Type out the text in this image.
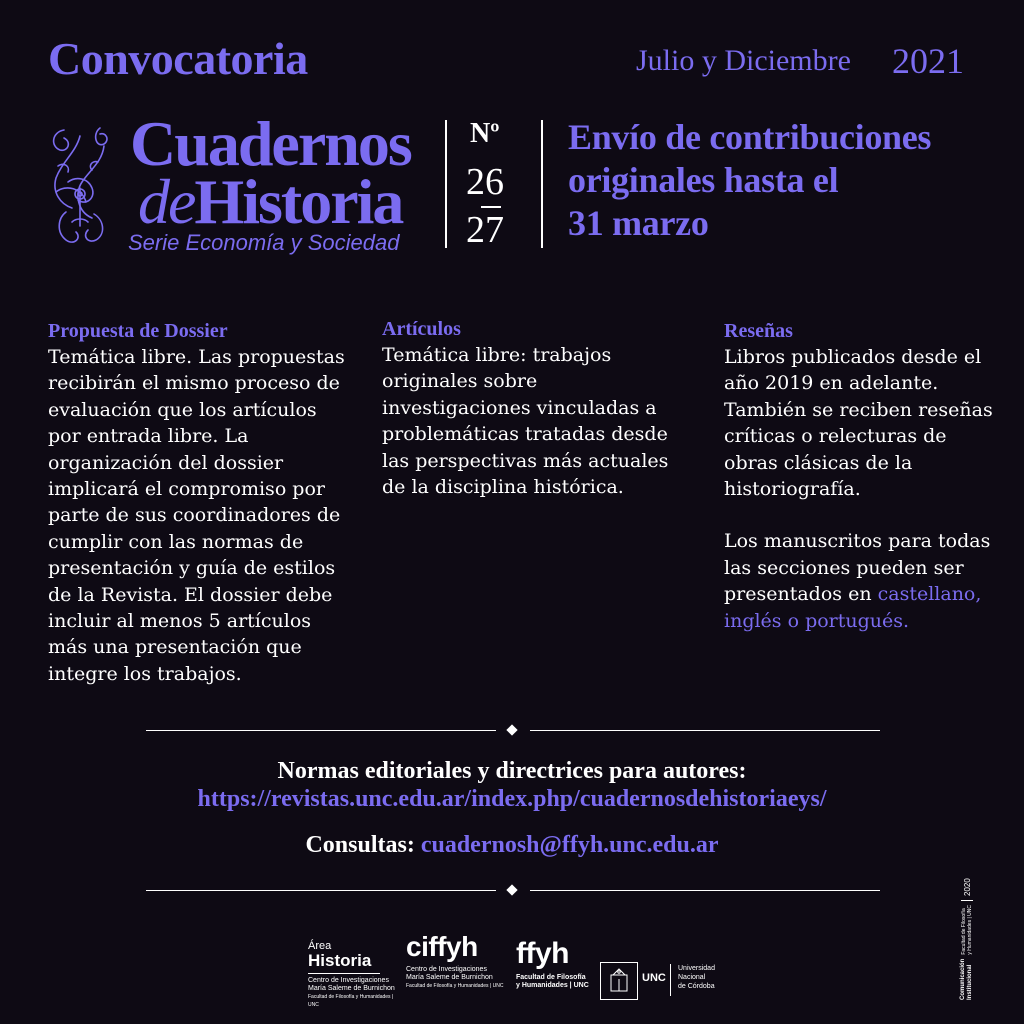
Convocatoria	Julio y Diciembre 2021
Cuadernos
deHistoria
Serie Economía y Sociedad
Nº
26
27
Envío de contribuciones
originales hasta el
31 marzo
Propuesta de Dossier
Temática libre. Las propuestas recibirán el mismo proceso de evaluación que los artículos por entrada libre. La organización del dossier implicará el compromiso por parte de sus coordinadores de cumplir con las normas de presentación y guía de estilos de la Revista. El dossier debe incluir al menos 5 artículos más una presentación que integre los trabajos.
Artículos
Temática libre: trabajos originales sobre investigaciones vinculadas a problemáticas tratadas desde las perspectivas más actuales de la disciplina histórica.
Reseñas
Libros publicados desde el año 2019 en adelante. También se reciben reseñas críticas o relecturas de obras clásicas de la historiografía.
Los manuscritos para todas las secciones pueden ser presentados en castellano, inglés o portugués.
Normas editoriales y directrices para autores:
https://revistas.unc.edu.ar/index.php/cuadernosdehistoriaeys/
Consultas: cuadernosh@ffyh.unc.edu.ar
Área
Historia
Centro de Investigaciones
María Saleme de Burnichon
Facultad de Filosofía y Humanidades | UNC
ciffyh
Centro de Investigaciones
María Saleme de Burnichon
Facultad de Filosofía y Humanidades | UNC
ffyh
Facultad de Filosofía
y Humanidades | UNC
UNC
Universidad
Nacional
de Córdoba	Comunicación Institucional
Facultad de Filosofía y Humanidades | UNC
2020
